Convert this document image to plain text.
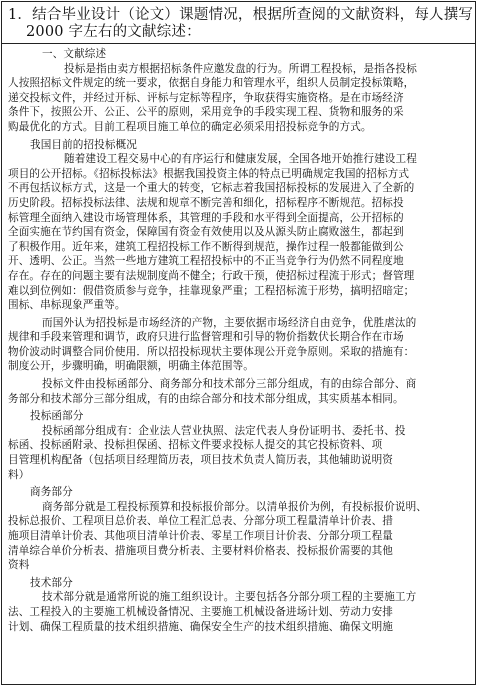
1．结合毕业设计（论文）课题情况，根据所查阅的文献资料，每人撰写

2000 字左右的文献综述：

一、文献综述

投标是指由卖方根据招标条件应邀发盘的行为。所谓工程投标，是指各投标

人按照招标文件规定的统一要求，依据自身能力和管理水平，组织人员制定投标策略，

递交投标文件，并经过开标、评标与定标等程序，争取获得实施资格。是在市场经济

条件下，按照公开、公正、公平的原则，采用竞争的手段实现工程、货物和服务的采

购最优化的方式。目前工程项目施工单位的确定必须采用招投标竞争的方式。

我国目前的招投标概况

随着建设工程交易中心的有序运行和健康发展，全国各地开始推行建设工程

项目的公开招标。《招标投标法》根据我国投资主体的特点已明确规定我国的招标方式

不再包括议标方式，这是一个重大的转变，它标志着我国招标投标的发展进入了全新的

历史阶段。招标投标法律、法规和规章不断完善和细化，招标程序不断规范。招标投

标管理全面纳入建设市场管理体系，其管理的手段和水平得到全面提高，公开招标的

全面实施在节约国有资金，保障国有资金有效使用以及从源头防止腐败滋生，都起到

了积极作用。近年来，建筑工程招投标工作不断得到规范，操作过程一般都能做到公

开、透明、公正。当然一些地方建筑工程招投标中的不正当竞争行为仍然不同程度地

存在。存在的问题主要有法规制度尚不健全；行政干预，使招标过程流于形式；督管理

难以到位例如：假借资质参与竞争，挂靠现象严重；工程招标流于形势，搞明招暗定；

围标、串标现象严重等。

而国外认为招投标是市场经济的产物，主要依据市场经济自由竞争，优胜虐汰的

规律和手段来管理和调节，政府只进行监督管理和引导的物价指数伏长期合作在市场

物价波动时调整合同价使用．所以招投标现状主要体现公开竞争原则。采取的措施有：

制度公开，步骤明确，明确限额，明确主体范围等。

投标文件由投标函部分、商务部分和技术部分三部分组成，有的由综合部分、商

务部分和技术部分三部分组成，有的由综合部分和技术部分组成，其实质基本相同。

投标函部分

投标函部分组成有：企业法人营业执照、法定代表人身份证明书、委托书、投

标函、投标函附录、投标担保函、招标文件要求投标人提交的其它投标资料、项

目管理机构配备（包括项目经理简历表，项目技术负责人简历表，其他辅助说明资

料）

商务部分

商务部分就是工程投标预算和投标报价部分。以清单报价为例，有投标报价说明、

投标总报价、工程项目总价表、单位工程汇总表、分部分项工程量清单计价表、措

施项目清单计价表、其他项目清单计价表、零星工作项目计价表、分部分项工程量

清单综合单价分析表、措施项目费分析表、主要材料价格表、投标报价需要的其他

资料

技术部分

技术部分就是通常所说的施工组织设计。主要包括各分部分项工程的主要施工方

法、工程投入的主要施工机械设备情况、主要施工机械设备进场计划、劳动力安排

计划、确保工程质量的技术组织措施、确保安全生产的技术组织措施、确保文明施
